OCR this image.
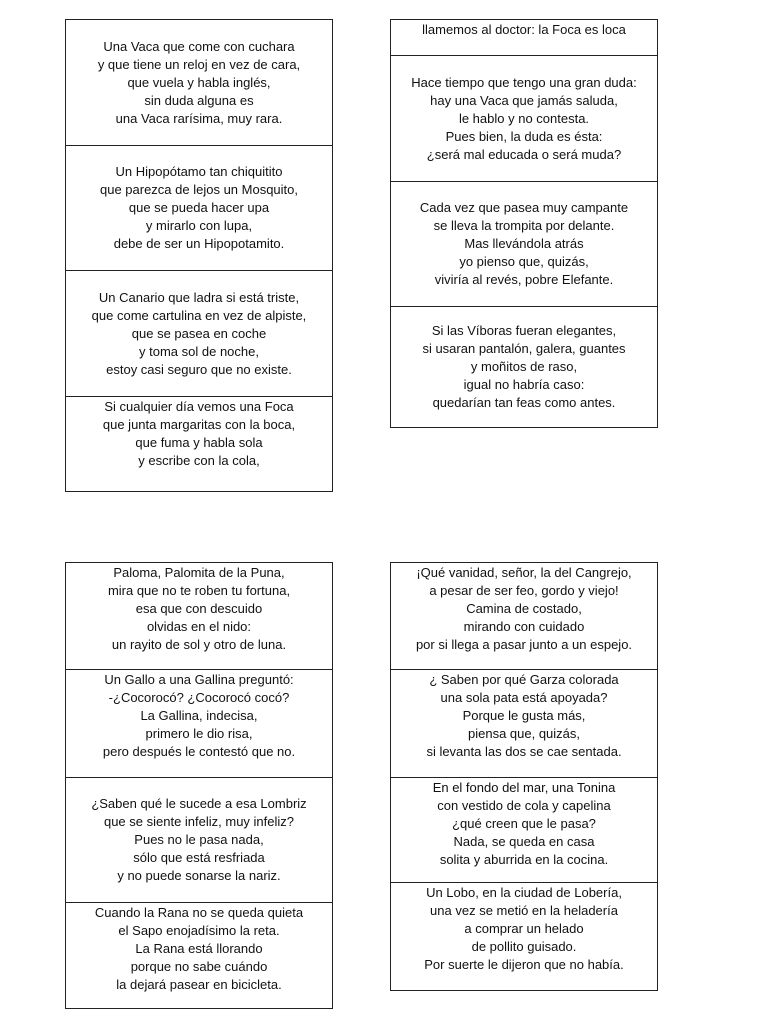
Una Vaca que come con cuchara
y que tiene un reloj en vez de cara,
que vuela y habla inglés,
sin duda alguna es
una Vaca rarísima, muy rara.
Un Hipopótamo tan chiquitito
que parezca de lejos un Mosquito,
que se pueda hacer upa
y mirarlo con lupa,
debe de ser un Hipopotamito.
Un Canario que ladra si está triste,
que come cartulina en vez de alpiste,
que se pasea en coche
y toma sol de noche,
estoy casi seguro que no existe.
Si cualquier día vemos una Foca
que junta margaritas con la boca,
que fuma y habla sola
y escribe con la cola,
llamemos al doctor: la Foca es loca
Hace tiempo que tengo una gran duda:
hay una Vaca que jamás saluda,
le hablo y no contesta.
Pues bien, la duda es ésta:
¿será mal educada o será muda?
Cada vez que pasea muy campante
se lleva la trompita por delante.
Mas llevándola atrás
yo pienso que, quizás,
viviría al revés, pobre Elefante.
Si las Víboras fueran elegantes,
si usaran pantalón, galera, guantes
y moñitos de raso,
igual no habría caso:
quedarían tan feas como antes.
Paloma, Palomita de la Puna,
mira que no te roben tu fortuna,
esa que con descuido
olvidas en el nido:
un rayito de sol y otro de luna.
Un Gallo a una Gallina preguntó:
-¿Cocorocó? ¿Cocorocó cocó?
La Gallina, indecisa,
primero le dio risa,
pero después le contestó que no.
¿Saben qué le sucede a esa Lombriz
que se siente infeliz, muy infeliz?
Pues no le pasa nada,
sólo que está resfriada
y no puede sonarse la nariz.
Cuando la Rana no se queda quieta
el Sapo enojadísimo la reta.
La Rana está llorando
porque no sabe cuándo
la dejará pasear en bicicleta.
¡Qué vanidad, señor, la del Cangrejo,
a pesar de ser feo, gordo y viejo!
Camina de costado,
mirando con cuidado
por si llega a pasar junto a un espejo.
¿ Saben por qué Garza colorada
una sola pata está apoyada?
Porque le gusta más,
piensa que, quizás,
si levanta las dos se cae sentada.
En el fondo del mar, una Tonina
con vestido de cola y capelina
¿qué creen que le pasa?
Nada, se queda en casa
solita y aburrida en la cocina.
Un Lobo, en la ciudad de Lobería,
una vez se metió en la heladería
a comprar un helado
de pollito guisado.
Por suerte le dijeron que no había.
